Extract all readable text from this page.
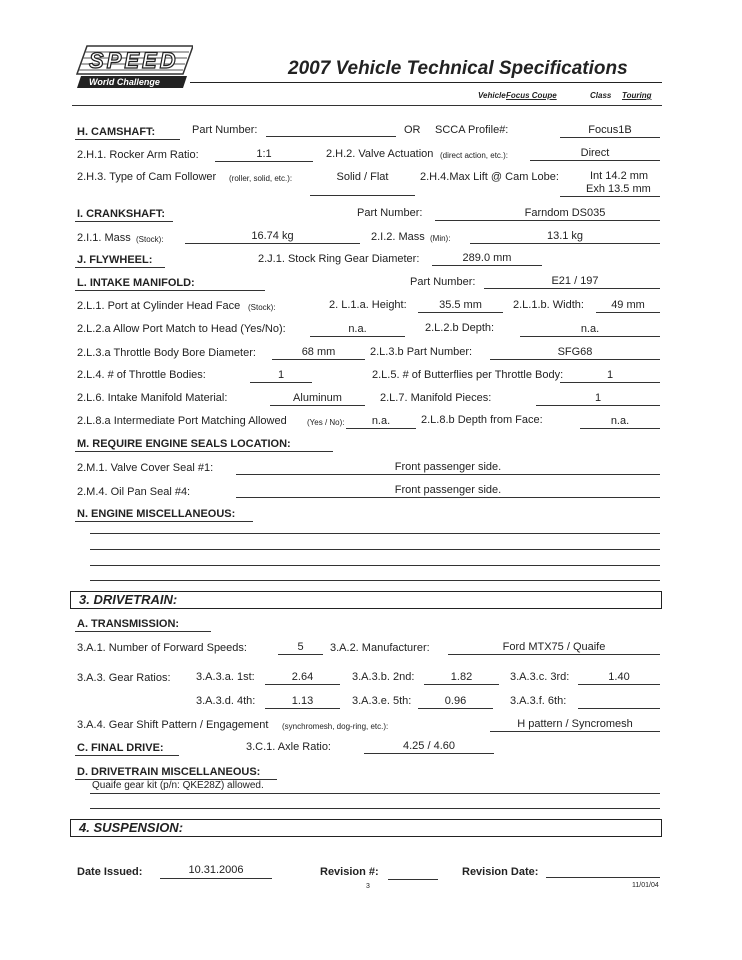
SPEED
World Challenge
2007 Vehicle Technical Specifications
Vehicle Focus Coupe	Class Touring
H. CAMSHAFT:	Part Number:	OR SCCA Profile#:	Focus1B
2.H.1. Rocker Arm Ratio:	1:1	2.H.2. Valve Actuation (direct action, etc.):	Direct
2.H.3. Type of Cam Follower (roller, solid, etc.):	Solid / Flat	2.H.4.Max Lift @ Cam Lobe:	Int 14.2 mm
Exh 13.5 mm
I. CRANKSHAFT:	Part Number:	Farndom DS035
2.I.1. Mass (Stock):	16.74 kg	2.I.2. Mass (Min):	13.1 kg
J. FLYWHEEL:	2.J.1. Stock Ring Gear Diameter:	289.0 mm
L. INTAKE MANIFOLD:	Part Number:	E21 / 197
2.L.1. Port at Cylinder Head Face (Stock):	2. L.1.a. Height:	35.5 mm	2.L.1.b. Width:	49 mm
2.L.2.a Allow Port Match to Head (Yes/No):	n.a.	2.L.2.b Depth:	n.a.
2.L.3.a Throttle Body Bore Diameter:	68 mm	2.L.3.b Part Number:	SFG68
2.L.4. # of Throttle Bodies:	1	2.L.5. # of Butterflies per Throttle Body:	1
2.L.6. Intake Manifold Material:	Aluminum	2.L.7. Manifold Pieces:	1
2.L.8.a Intermediate Port Matching Allowed	(Yes / No):	n.a.	2.L.8.b Depth from Face:	n.a.
M. REQUIRE ENGINE SEALS LOCATION:
2.M.1. Valve Cover Seal #1:	Front passenger side.
2.M.4. Oil Pan Seal #4:	Front passenger side.
N. ENGINE MISCELLANEOUS:
3. DRIVETRAIN:
A. TRANSMISSION:
3.A.1. Number of Forward Speeds:	5	3.A.2. Manufacturer:	Ford MTX75 / Quaife
3.A.3. Gear Ratios: 3.A.3.a. 1st:	2.64	3.A.3.b. 2nd:	1.82	3.A.3.c. 3rd:	1.40
3.A.3.d. 4th:	1.13	3.A.3.e. 5th:	0.96	3.A.3.f. 6th:
3.A.4. Gear Shift Pattern / Engagement (synchromesh, dog-ring, etc.):	H pattern / Syncromesh
C. FINAL DRIVE:	3.C.1. Axle Ratio:	4.25 / 4.60
D. DRIVETRAIN MISCELLANEOUS:
Quaife gear kit (p/n: QKE28Z) allowed.
4. SUSPENSION:
Date Issued:	10.31.2006	Revision #:	Revision Date:
3	11/01/04
